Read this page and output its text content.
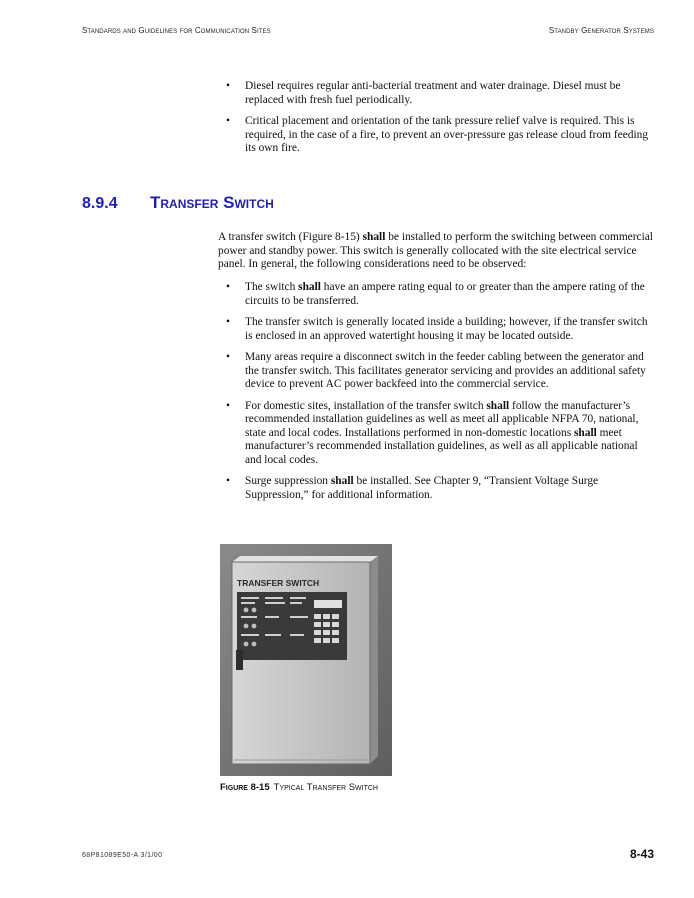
Standards and Guidelines for Communication Sites	Standby Generator Systems
• Diesel requires regular anti-bacterial treatment and water drainage. Diesel must be replaced with fresh fuel periodically.
• Critical placement and orientation of the tank pressure relief valve is required. This is required, in the case of a fire, to prevent an over-pressure gas release cloud from feeding its own fire.
8.9.4 Transfer Switch
A transfer switch (Figure 8-15) shall be installed to perform the switching between commercial power and standby power. This switch is generally collocated with the site electrical service panel. In general, the following considerations need to be observed:
• The switch shall have an ampere rating equal to or greater than the ampere rating of the circuits to be transferred.
• The transfer switch is generally located inside a building; however, if the transfer switch is enclosed in an approved watertight housing it may be located outside.
• Many areas require a disconnect switch in the feeder cabling between the generator and the transfer switch. This facilitates generator servicing and provides an additional safety device to prevent AC power backfeed into the commercial service.
• For domestic sites, installation of the transfer switch shall follow the manufacturer’s recommended installation guidelines as well as meet all applicable NFPA 70, national, state and local codes. Installations performed in non-domestic locations shall meet manufacturer’s recommended installation guidelines, as well as all applicable national and local codes.
• Surge suppression shall be installed. See Chapter 9, “Transient Voltage Surge Suppression,” for additional information.
TRANSFER SWITCH
Figure 8-15 Typical Transfer Switch
68P81089E50-A 3/1/00	8-43
